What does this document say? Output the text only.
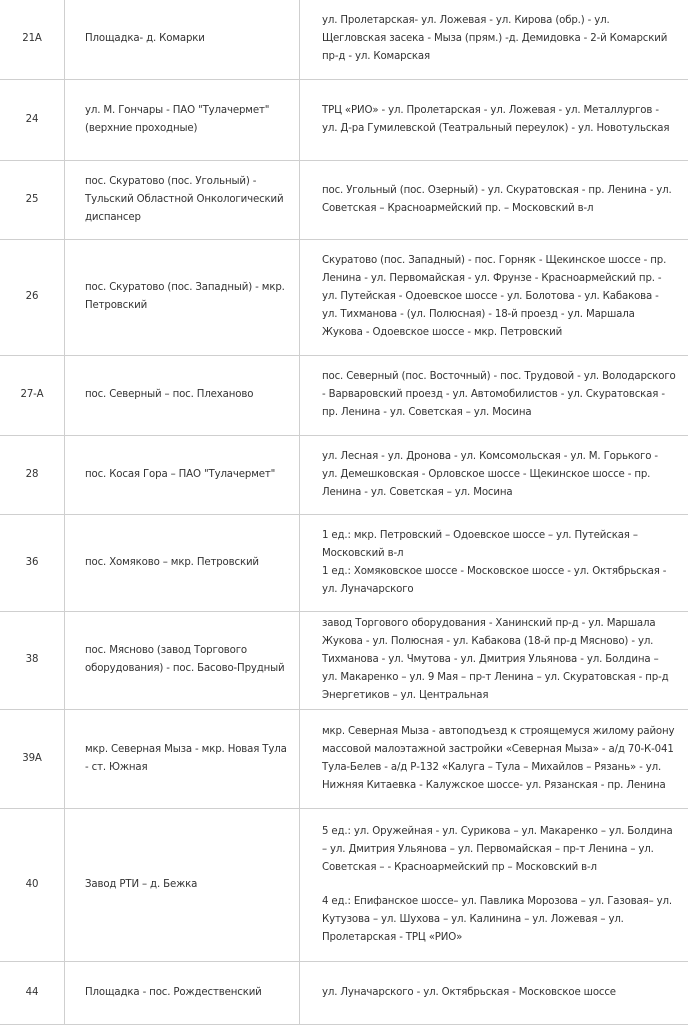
21А	Площадка- д. Комарки	ул. Пролетарская- ул. Ложевая - ул. Кирова (обр.) - ул. Щегловская засека - Мыза (прям.) -д. Демидовка - 2-й Комарский пр-д - ул. Комарская

24	ул. М. Гончары - ПАО "Тулачермет" (верхние проходные)	ТРЦ «РИО» - ул. Пролетарская - ул. Ложевая - ул. Металлургов - ул. Д-ра Гумилевской (Театральный переулок) - ул. Новотульская

25	пос. Скуратово (пос. Угольный) - Тульский Областной Онкологический диспансер	пос. Угольный (пос. Озерный) - ул. Скуратовская - пр. Ленина - ул. Советская – Красноармейский пр. – Московский в-л

26	пос. Скуратово (пос. Западный) - мкр. Петровский	Скуратово (пос. Западный) - пос. Горняк - Щекинское шоссе - пр. Ленина - ул. Первомайская - ул. Фрунзе - Красноармейский пр. - ул. Путейская - Одоевское шоссе - ул. Болотова - ул. Кабакова - ул. Тихманова - (ул. Полюсная) - 18-й проезд - ул. Маршала Жукова - Одоевское шоссе - мкр. Петровский

27-А	пос. Северный – пос. Плеханово	пос. Северный (пос. Восточный) - пос. Трудовой - ул. Володарского - Варваровский проезд - ул. Автомобилистов - ул. Скуратовская - пр. Ленина - ул. Советская – ул. Мосина

28	пос. Косая Гора – ПАО "Тулачермет"	ул. Лесная - ул. Дронова - ул. Комсомольская - ул. М. Горького - ул. Демешковская - Орловское шоссе - Щекинское шоссе - пр. Ленина - ул. Советская – ул. Мосина

36	пос. Хомяково – мкр. Петровский	1 ед.: мкр. Петровский – Одоевское шоссе – ул. Путейская – Московский в-л

1 ед.: Хомяковское шоссе - Московское шоссе - ул. Октябрьская - ул. Луначарского

38	пос. Мясново (завод Торгового оборудования) - пос. Басово-Прудный	завод Торгового оборудования - Ханинский пр-д - ул. Маршала Жукова - ул. Полюсная - ул. Кабакова (18-й пр-д Мясново) - ул. Тихманова - ул. Чмутова - ул. Дмитрия Ульянова - ул. Болдина – ул. Макаренко – ул. 9 Мая – пр-т Ленина – ул. Скуратовская - пр-д Энергетиков – ул. Центральная

39А	мкр. Северная Мыза - мкр. Новая Тула - ст. Южная	мкр. Северная Мыза - автоподъезд к строящемуся жилому району массовой малоэтажной застройки «Северная Мыза» - а/д 70-К-041 Тула-Белев - а/д Р-132 «Калуга – Тула – Михайлов – Рязань» - ул. Нижняя Китаевка - Калужское шоссе- ул. Рязанская - пр. Ленина

40	Завод РТИ – д. Бежка	5 ед.: ул. Оружейная - ул. Сурикова – ул. Макаренко – ул. Болдина – ул. Дмитрия Ульянова – ул. Первомайская – пр-т Ленина – ул. Советская – - Красноармейский пр – Московский в-л

4 ед.: Епифанское шоссе– ул. Павлика Морозова – ул. Газовая– ул. Кутузова – ул. Шухова – ул. Калинина – ул. Ложевая – ул. Пролетарская - ТРЦ «РИО»

44	Площадка - пос. Рождественский	ул. Луначарского - ул. Октябрьская - Московское шоссе
